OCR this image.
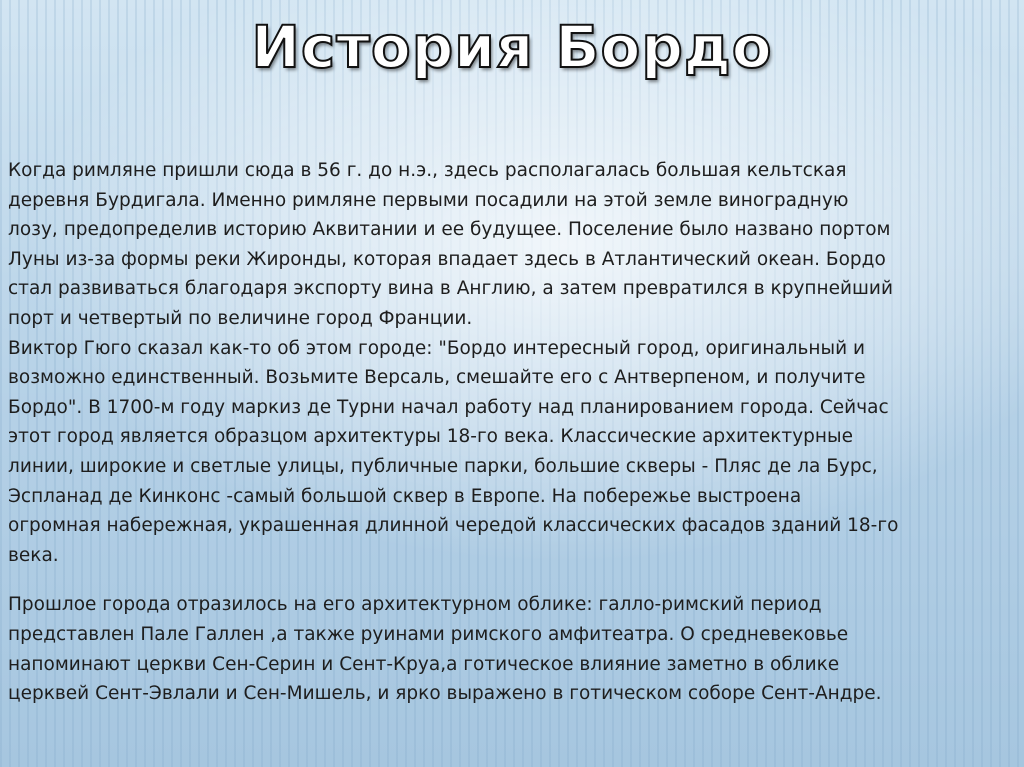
История Бордо

Когда римляне пришли сюда в 56 г. до н.э., здесь располагалась большая кельтская
деревня Бурдигала. Именно римляне первыми посадили на этой земле виноградную
лозу, предопределив историю Аквитании и ее будущее. Поселение было названо портом
Луны из-за формы реки Жиронды, которая впадает здесь в Атлантический океан. Бордо
стал развиваться благодаря экспорту вина в Англию, а затем превратился в крупнейший
порт и четвертый по величине город Франции.

Виктор Гюго сказал как-то об этом городе: "Бордо интересный город, оригинальный и
возможно единственный. Возьмите Версаль, смешайте его с Антверпеном, и получите
Бордо". В 1700-м году маркиз де Турни начал работу над планированием города. Сейчас
этот город является образцом архитектуры 18-го века. Классические архитектурные
линии, широкие и светлые улицы, публичные парки, большие скверы - Пляс де ла Бурс,
Эспланад де Кинконс -самый большой сквер в Европе. На побережье выстроена
огромная набережная, украшенная длинной чередой классических фасадов зданий 18-го
века.

Прошлое города отразилось на его архитектурном облике: галло-римский период
представлен Пале Галлен ,а также руинами римского амфитеатра. О средневековье
напоминают церкви Сен-Серин и Сент-Круа,а готическое влияние заметно в облике
церквей Сент-Эвлали и Сен-Мишель, и ярко выражено в готическом соборе Сент-Андре.
